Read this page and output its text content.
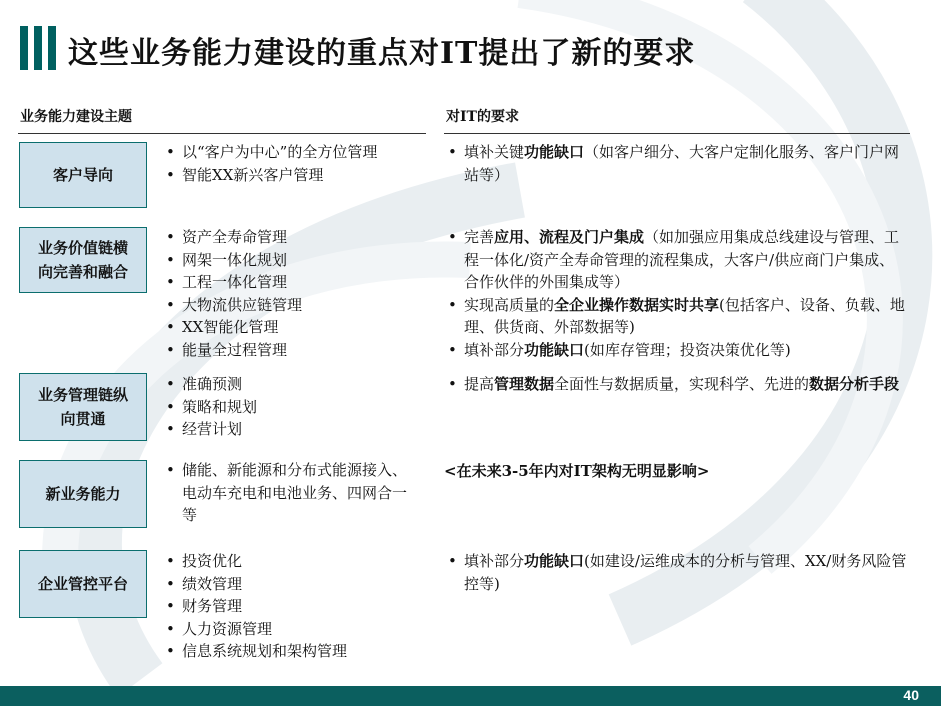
这些业务能力建设的重点对IT提出了新的要求
业务能力建设主题	对IT的要求
客户导向
• 以“客户为中心”的全方位管理
• 智能XX新兴客户管理
• 填补关键功能缺口（如客户细分、大客户定制化服务、客户门户网站等）
业务价值链横向完善和融合
• 资产全寿命管理
• 网架一体化规划
• 工程一体化管理
• 大物流供应链管理
• XX智能化管理
• 能量全过程管理
• 完善应用、流程及门户集成（如加强应用集成总线建设与管理、工程一体化/资产全寿命管理的流程集成，大客户/供应商门户集成、合作伙伴的外围集成等）
• 实现高质量的全企业操作数据实时共享(包括客户、设备、负载、地理、供货商、外部数据等)
• 填补部分功能缺口(如库存管理；投资决策优化等)
业务管理链纵向贯通
• 准确预测
• 策略和规划
• 经营计划
• 提高管理数据全面性与数据质量，实现科学、先进的数据分析手段
新业务能力
• 储能、新能源和分布式能源接入、电动车充电和电池业务、四网合一等
<在未来3-5年内对IT架构无明显影响>
企业管控平台
• 投资优化
• 绩效管理
• 财务管理
• 人力资源管理
• 信息系统规划和架构管理
• 填补部分功能缺口(如建设/运维成本的分析与管理、XX/财务风险管控等)
40
